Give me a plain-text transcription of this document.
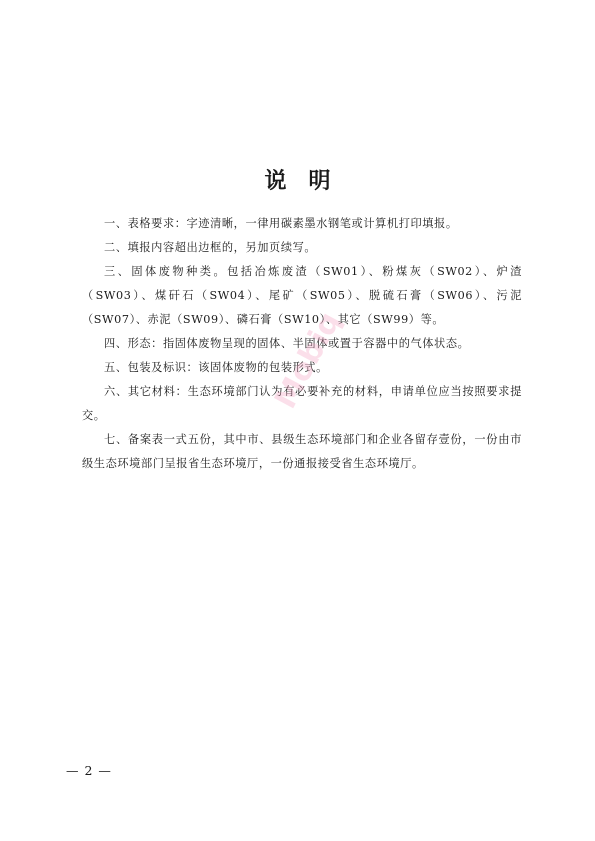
说明

一、表格要求：字迹清晰，一律用碳素墨水钢笔或计算机打印填报。

二、填报内容超出边框的，另加页续写。

三、固体废物种类。包括冶炼废渣（SW01）、粉煤灰（SW02）、炉渣（SW03）、煤矸石（SW04）、尾矿（SW05）、脱硫石膏（SW06）、污泥（SW07）、赤泥（SW09）、磷石膏（SW10）、其它（SW99）等。

四、形态：指固体废物呈现的固体、半固体或置于容器中的气体状态。

五、包装及标识：该固体废物的包装形式。

六、其它材料：生态环境部门认为有必要补充的材料，申请单位应当按照要求提交。

七、备案表一式五份，其中市、县级生态环境部门和企业各留存壹份，一份由市级生态环境部门呈报省生态环境厅，一份通报接受省生态环境厅。

Mobiq
— 2 —
